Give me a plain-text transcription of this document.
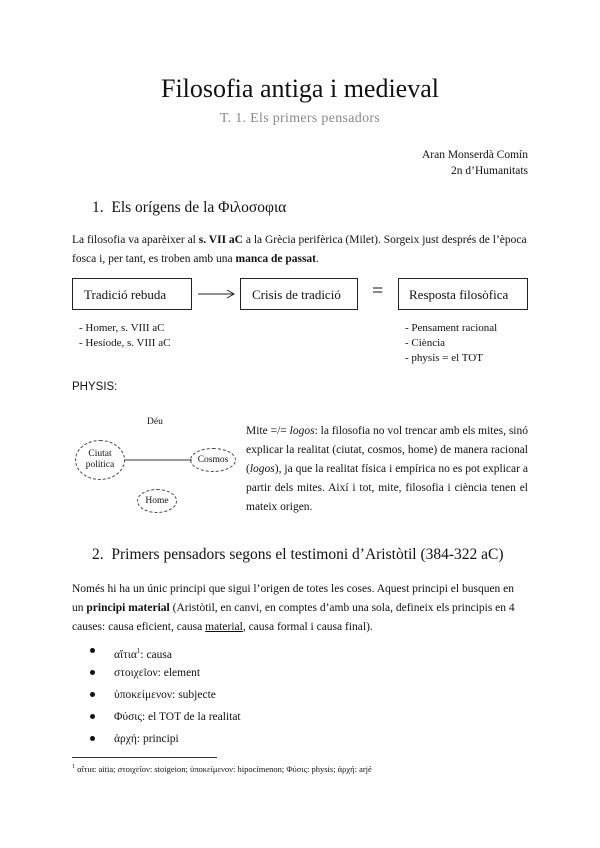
Filosofia antiga i medieval
T. 1. Els primers pensadors
Aran Monserdà Comín
2n d’Humanitats
1.  Els orígens de la Φιλοσοφια

La filosofia va aparèixer al s. VII aC a la Grècia perifèrica (Milet). Sorgeix just després de l’època fosca i, per tant, es troben amb una manca de passat.

Tradició rebuda	Crisis de tradició	=	Resposta filosòfica
- Homer, s. VIII aC
- Hesíode, s. VIII aC
- Pensament racional
- Ciència
- physis = el TOT
PHYSIS:
Déu
Ciutat política
Cosmos
Home

Mite =/= logos: la filosofia no vol trencar amb els mites, sinó explicar la realitat (ciutat, cosmos, home) de manera racional (logos), ja que la realitat física i empírica no es pot explicar a partir dels mites. Així i tot, mite, filosofia i ciència tenen el mateix origen.

2.  Primers pensadors segons el testimoni d’Aristòtil (384-322 aC)

Només hi ha un únic principi que sigui l’origen de totes les coses. Aquest principi el busquen en un principi material (Aristòtil, en canvi, en comptes d’amb una sola, defineix els principis en 4 causes: causa eficient, causa material, causa formal i causa final).

αἴτια$^1$: causa
στοιχεῖον: element
ὑποκείμενον: subjecte
Φύσις: el TOT de la realitat
ἀρχή: principi
$^1$ αἴτια: aitia; στοιχεῖον: stoigeion; ὑποκείμενον: hipocímenon; Φύσις: physis; ἀρχή: arjé
